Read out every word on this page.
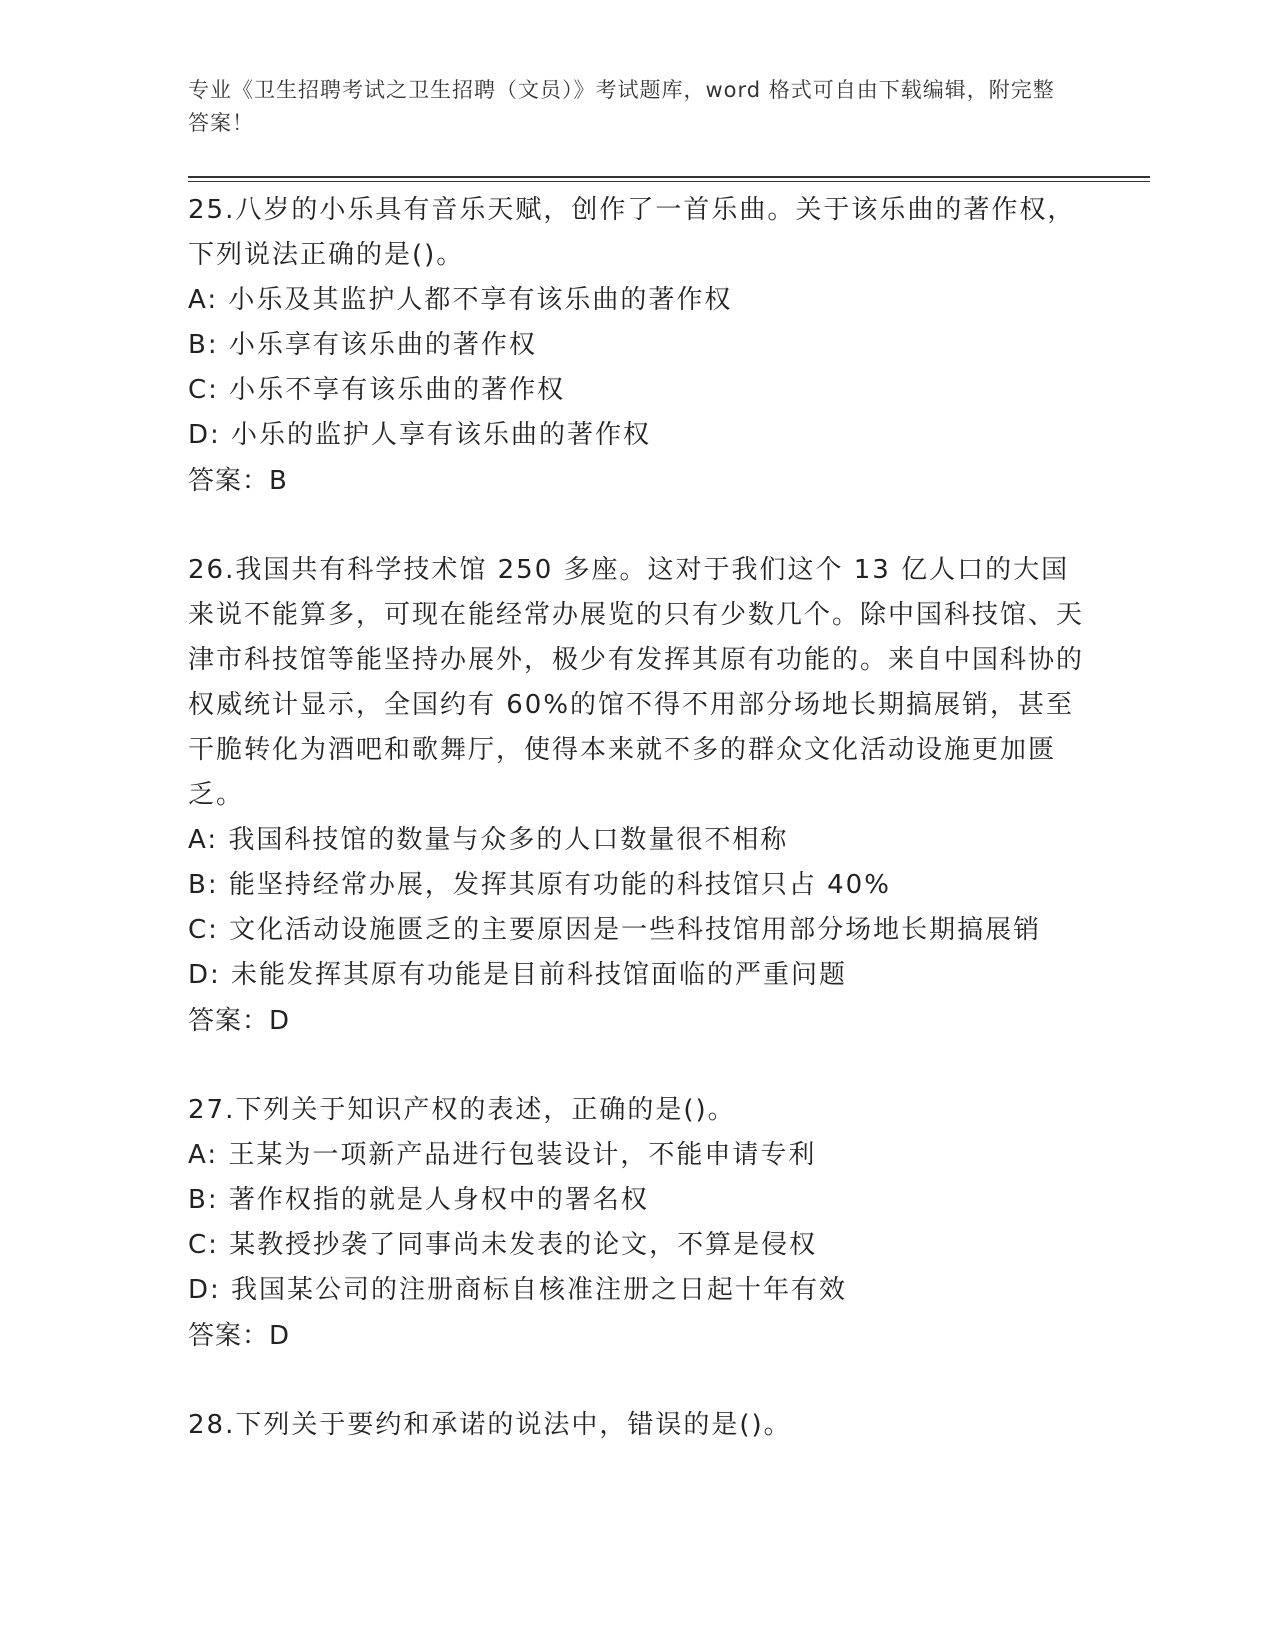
专业《卫生招聘考试之卫生招聘（文员）》考试题库，word 格式可自由下载编辑，附完整答案！

25.八岁的小乐具有音乐天赋，创作了一首乐曲。关于该乐曲的著作权，下列说法正确的是()。

A: 小乐及其监护人都不享有该乐曲的著作权

B: 小乐享有该乐曲的著作权

C: 小乐不享有该乐曲的著作权

D: 小乐的监护人享有该乐曲的著作权

答案：B

26.我国共有科学技术馆 250 多座。这对于我们这个 13 亿人口的大国来说不能算多，可现在能经常办展览的只有少数几个。除中国科技馆、天津市科技馆等能坚持办展外，极少有发挥其原有功能的。来自中国科协的权威统计显示，全国约有 60%的馆不得不用部分场地长期搞展销，甚至干脆转化为酒吧和歌舞厅，使得本来就不多的群众文化活动设施更加匮乏。

A: 我国科技馆的数量与众多的人口数量很不相称

B: 能坚持经常办展，发挥其原有功能的科技馆只占 40%

C: 文化活动设施匮乏的主要原因是一些科技馆用部分场地长期搞展销

D: 未能发挥其原有功能是目前科技馆面临的严重问题

答案：D

27.下列关于知识产权的表述，正确的是()。

A: 王某为一项新产品进行包装设计，不能申请专利

B: 著作权指的就是人身权中的署名权

C: 某教授抄袭了同事尚未发表的论文，不算是侵权

D: 我国某公司的注册商标自核准注册之日起十年有效

答案：D

28.下列关于要约和承诺的说法中，错误的是()。
